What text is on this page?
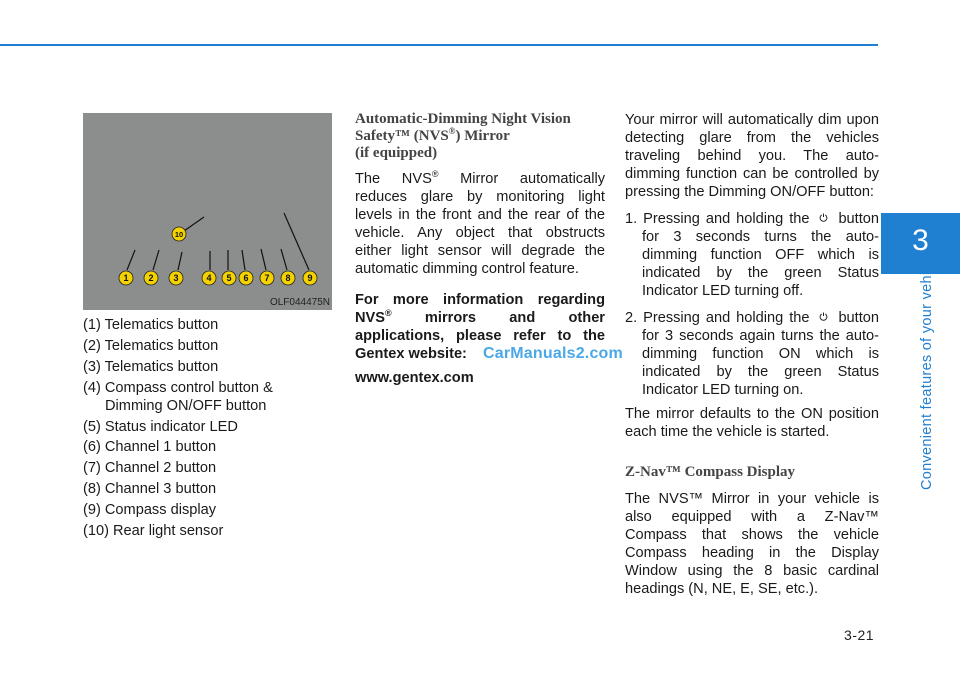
3
Convenient features of your vehicle
1 2 3	4 5 6 7 8 9
10
OLF044475N

(1) Telematics button

(2) Telematics button

(3) Telematics button

(4) Compass control button & Dimming ON/OFF button

(5) Status indicator LED

(6) Channel 1 button

(7) Channel 2 button

(8) Channel 3 button

(9) Compass display

(10) Rear light sensor

Automatic-Dimming Night Vision Safety™ (NVS®) Mirror
(if equipped)

The NVS® Mirror automatically reduces glare by monitoring light levels in the front and the rear of the vehicle. Any object that obstructs either light sensor will degrade the automatic dimming control feature.

For more information regarding NVS® mirrors and other applications, please refer to the Gentex website:

www.gentex.com

CarManuals2.com

Your mirror will automatically dim upon detecting glare from the vehicles traveling behind you. The auto-dimming function can be controlled by pressing the Dimming ON/OFF button:

1. Pressing and holding the button for 3 seconds turns the auto-dimming function OFF which is indicated by the green Status Indicator LED turning off.

2. Pressing and holding the button for 3 seconds again turns the auto-dimming function ON which is indicated by the green Status Indicator LED turning on.

The mirror defaults to the ON position each time the vehicle is started.

Z-Nav™ Compass Display

The NVS™ Mirror in your vehicle is also equipped with a Z-Nav™ Compass that shows the vehicle Compass heading in the Display Window using the 8 basic cardinal headings (N, NE, E, SE, etc.).

3-21
